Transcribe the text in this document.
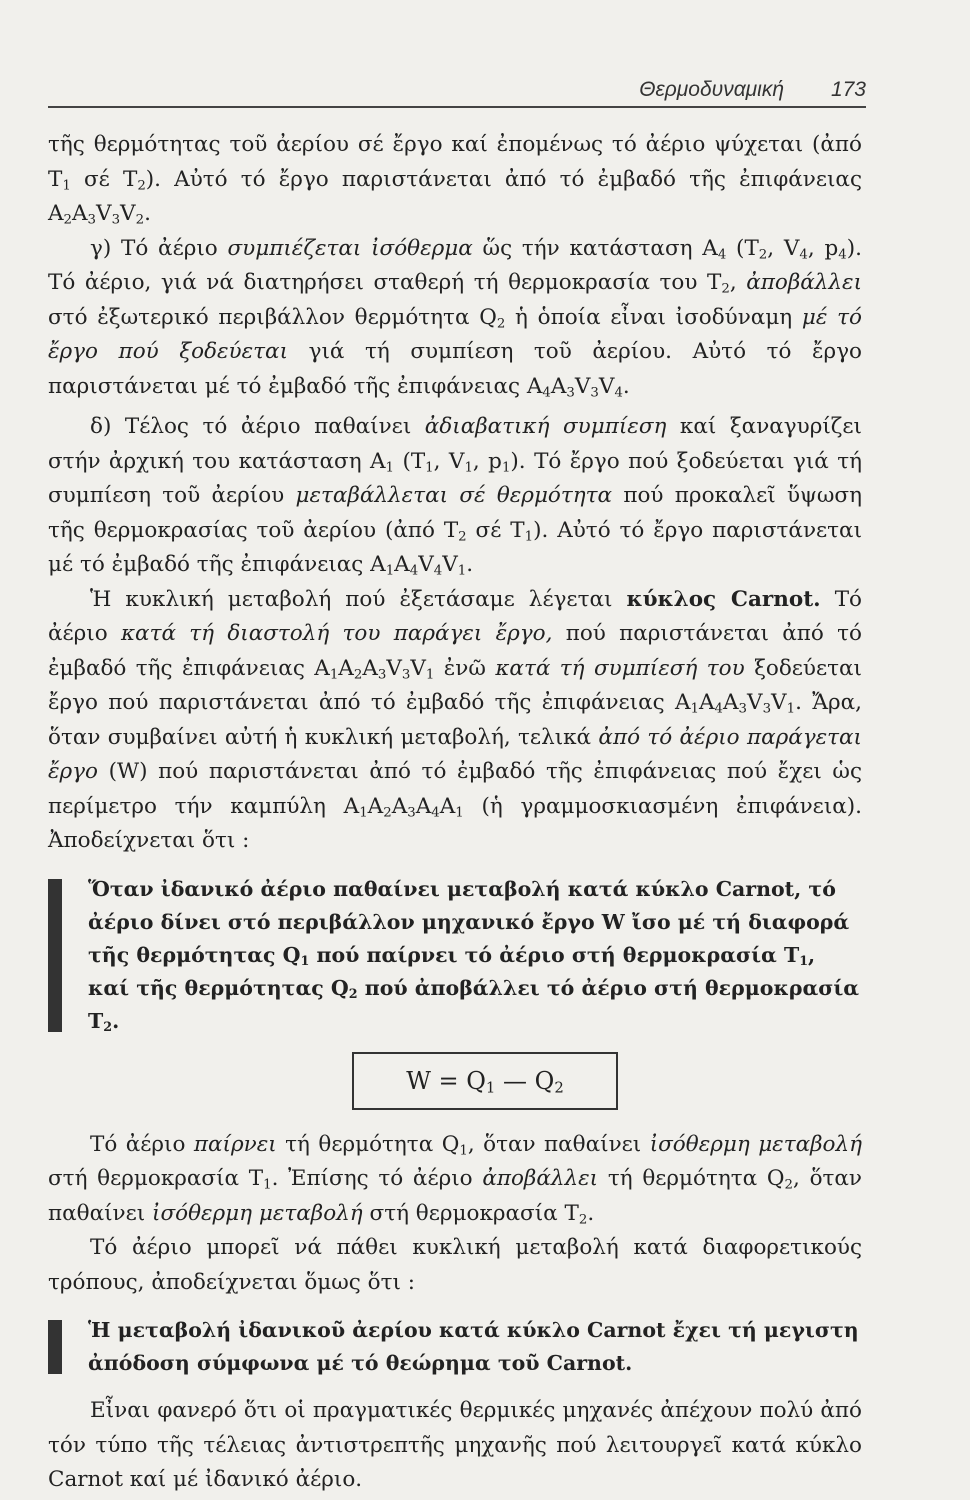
Θερμοδυναμική 173

τῆς θερμότητας τοῦ ἀερίου σέ ἔργο καί ἐπομένως τό ἀέριο ψύχεται (ἀπό $T_1$ σέ $T_2$). Αὐτό τό ἔργο παριστάνεται ἀπό τό ἐμβαδό τῆς ἐπιφάνειας $A_2A_3V_3V_2$.

γ) Τό ἀέριο συμπιέζεται ἰσόθερμα ὥς τήν κατάσταση $A_4$ ($T_2$, $V_4$, $p_4$). Τό ἀέριο, γιά νά διατηρήσει σταθερή τή θερμοκρασία του $T_2$, ἀποβάλλει στό ἐξωτερικό περιβάλλον θερμότητα $Q_2$ ἡ ὁποία εἶναι ἰσοδύναμη μέ τό ἔργο πού ξοδεύεται γιά τή συμπίεση τοῦ ἀερίου. Αὐτό τό ἔργο παριστάνεται μέ τό ἐμβαδό τῆς ἐπιφάνειας $A_4A_3V_3V_4$.

δ) Τέλος τό ἀέριο παθαίνει ἀδιαβατική συμπίεση καί ξαναγυρίζει στήν ἀρχική του κατάσταση $A_1$ ($T_1$, $V_1$, $p_1$). Τό ἔργο πού ξοδεύεται γιά τή συμπίεση τοῦ ἀερίου μεταβάλλεται σέ θερμότητα πού προκαλεῖ ὕψωση τῆς θερμοκρασίας τοῦ ἀερίου (ἀπό $T_2$ σέ $T_1$). Αὐτό τό ἔργο παριστάνεται μέ τό ἐμβαδό τῆς ἐπιφάνειας $A_1A_4V_4V_1$.

Ἡ κυκλική μεταβολή πού ἐξετάσαμε λέγεται κύκλος Carnot. Τό ἀέριο κατά τή διαστολή του παράγει ἔργο, πού παριστάνεται ἀπό τό ἐμβαδό τῆς ἐπιφάνειας $A_1A_2A_3V_3V_1$ ἐνῶ κατά τή συμπίεσή του ξοδεύεται ἔργο πού παριστάνεται ἀπό τό ἐμβαδό τῆς ἐπιφάνειας $A_1A_4A_3V_3V_1$. Ἄρα, ὅταν συμβαίνει αὐτή ἡ κυκλική μεταβολή, τελικά ἀπό τό ἀέριο παράγεται ἔργο (W) πού παριστάνεται ἀπό τό ἐμβαδό τῆς ἐπιφάνειας πού ἔχει ὡς περίμετρο τήν καμπύλη $A_1A_2A_3A_4A_1$ (ἡ γραμμοσκιασμένη ἐπιφάνεια). Ἀποδείχνεται ὅτι :

Ὅταν ἰδανικό ἀέριο παθαίνει μεταβολή κατά κύκλο Carnot, τό ἀέριο δίνει στό περιβάλλον μηχανικό ἔργο W ἴσο μέ τή διαφορά τῆς θερμότητας $Q_1$ πού παίρνει τό ἀέριο στή θερμοκρασία $T_1$, καί τῆς θερμότητας $Q_2$ πού ἀποβάλλει τό ἀέριο στή θερμοκρασία $T_2$.
$W = Q_1$ — $Q_2$

Τό ἀέριο παίρνει τή θερμότητα $Q_1$, ὅταν παθαίνει ἰσόθερμη μεταβολή στή θερμοκρασία $T_1$. Ἐπίσης τό ἀέριο ἀποβάλλει τή θερμότητα $Q_2$, ὅταν παθαίνει ἰσόθερμη μεταβολή στή θερμοκρασία $T_2$.

Τό ἀέριο μπορεῖ νά πάθει κυκλική μεταβολή κατά διαφορετικούς τρόπους, ἀποδείχνεται ὅμως ὅτι :

Ἡ μεταβολή ἰδανικοῦ ἀερίου κατά κύκλο Carnot ἔχει τή μεγιστη ἀπόδοση σύμφωνα μέ τό θεώρημα τοῦ Carnot.

Εἶναι φανερό ὅτι οἱ πραγματικές θερμικές μηχανές ἀπέχουν πολύ ἀπό τόν τύπο τῆς τέλειας ἀντιστρεπτῆς μηχανῆς πού λειτουργεῖ κατά κύκλο Carnot καί μέ ἰδανικό ἀέριο.
